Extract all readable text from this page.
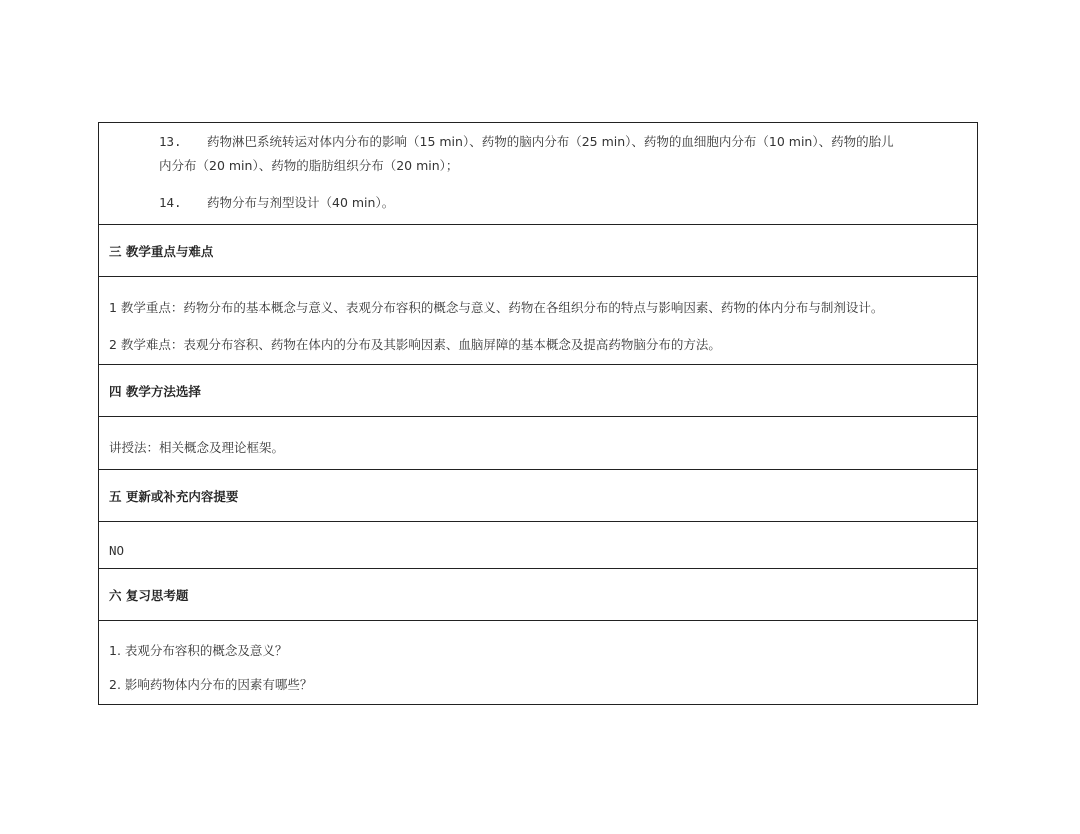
13. 药物淋巴系统转运对体内分布的影响（15 min）、药物的脑内分布（25 min）、药物的血细胞内分布（10 min）、药物的胎儿
内分布（20 min）、药物的脂肪组织分布（20 min）；
14. 药物分布与剂型设计（40 min）。
三 教学重点与难点
1 教学重点：药物分布的基本概念与意义、表观分布容积的概念与意义、药物在各组织分布的特点与影响因素、药物的体内分布与制剂设计。
2 教学难点：表观分布容积、药物在体内的分布及其影响因素、血脑屏障的基本概念及提高药物脑分布的方法。
四 教学方法选择
讲授法：相关概念及理论框架。
五 更新或补充内容提要
NO
六 复习思考题
1. 表观分布容积的概念及意义？
2. 影响药物体内分布的因素有哪些？
